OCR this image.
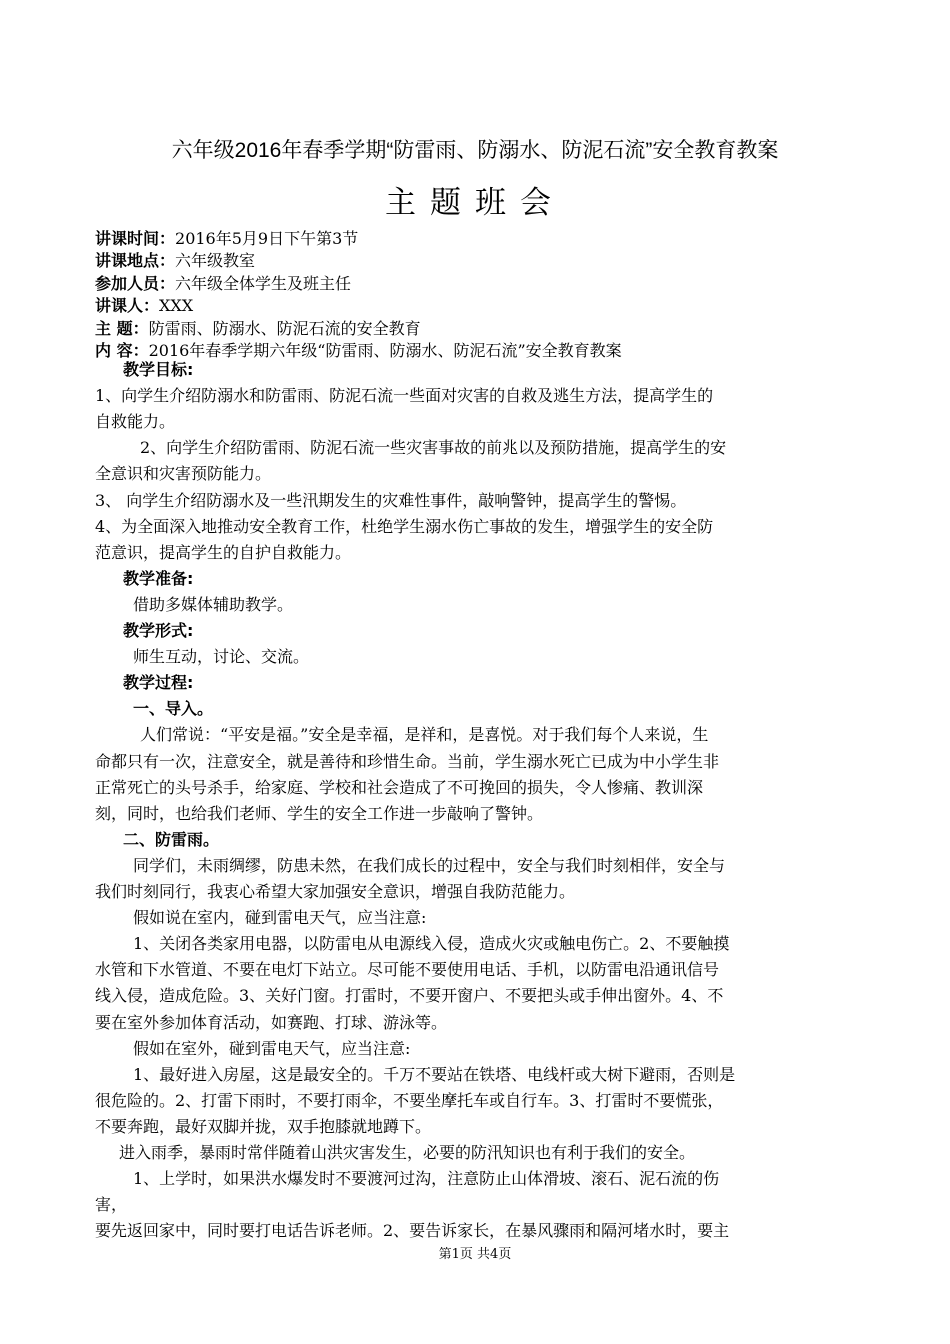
六年级2016年春季学期“防雷雨、防溺水、防泥石流”安全教育教案
主题班会
讲课时间：2016年5月9日下午第3节
讲课地点：六年级教室
参加人员：六年级全体学生及班主任
讲课人：XXX
主 题：防雷雨、防溺水、防泥石流的安全教育
内 容：2016年春季学期六年级“防雷雨、防溺水、防泥石流”安全教育教案
教学目标:
1、向学生介绍防溺水和防雷雨、防泥石流一些面对灾害的自救及逃生方法，提高学生的
自救能力。
2、向学生介绍防雷雨、防泥石流一些灾害事故的前兆以及预防措施，提高学生的安
全意识和灾害预防能力。
3、 向学生介绍防溺水及一些汛期发生的灾难性事件，敲响警钟，提高学生的警惕。
4、为全面深入地推动安全教育工作，杜绝学生溺水伤亡事故的发生，增强学生的安全防
范意识，提高学生的自护自救能力。
教学准备:
借助多媒体辅助教学。
教学形式:
师生互动，讨论、交流。
教学过程:
一、导入。
人们常说：“平安是福。”安全是幸福，是祥和，是喜悦。对于我们每个人来说，生
命都只有一次，注意安全，就是善待和珍惜生命。当前，学生溺水死亡已成为中小学生非
正常死亡的头号杀手，给家庭、学校和社会造成了不可挽回的损失，令人惨痛、教训深
刻，同时，也给我们老师、学生的安全工作进一步敲响了警钟。
二、防雷雨。
同学们，未雨绸缪，防患未然，在我们成长的过程中，安全与我们时刻相伴，安全与
我们时刻同行，我衷心希望大家加强安全意识，增强自我防范能力。
假如说在室内，碰到雷电天气，应当注意:
1、关闭各类家用电器，以防雷电从电源线入侵，造成火灾或触电伤亡。2、不要触摸
水管和下水管道、不要在电灯下站立。尽可能不要使用电话、手机，以防雷电沿通讯信号
线入侵，造成危险。3、关好门窗。打雷时，不要开窗户、不要把头或手伸出窗外。4、不
要在室外参加体育活动，如赛跑、打球、游泳等。
假如在室外，碰到雷电天气，应当注意:
1、最好进入房屋，这是最安全的。千万不要站在铁塔、电线杆或大树下避雨，否则是
很危险的。2、打雷下雨时，不要打雨伞，不要坐摩托车或自行车。3、打雷时不要慌张，
不要奔跑，最好双脚并拢，双手抱膝就地蹲下。
进入雨季，暴雨时常伴随着山洪灾害发生，必要的防汛知识也有利于我们的安全。
1、上学时，如果洪水爆发时不要渡河过沟，注意防止山体滑坡、滚石、泥石流的伤
害，
要先返回家中，同时要打电话告诉老师。2、要告诉家长，在暴风骤雨和隔河堵水时，要主
第1页 共4页
